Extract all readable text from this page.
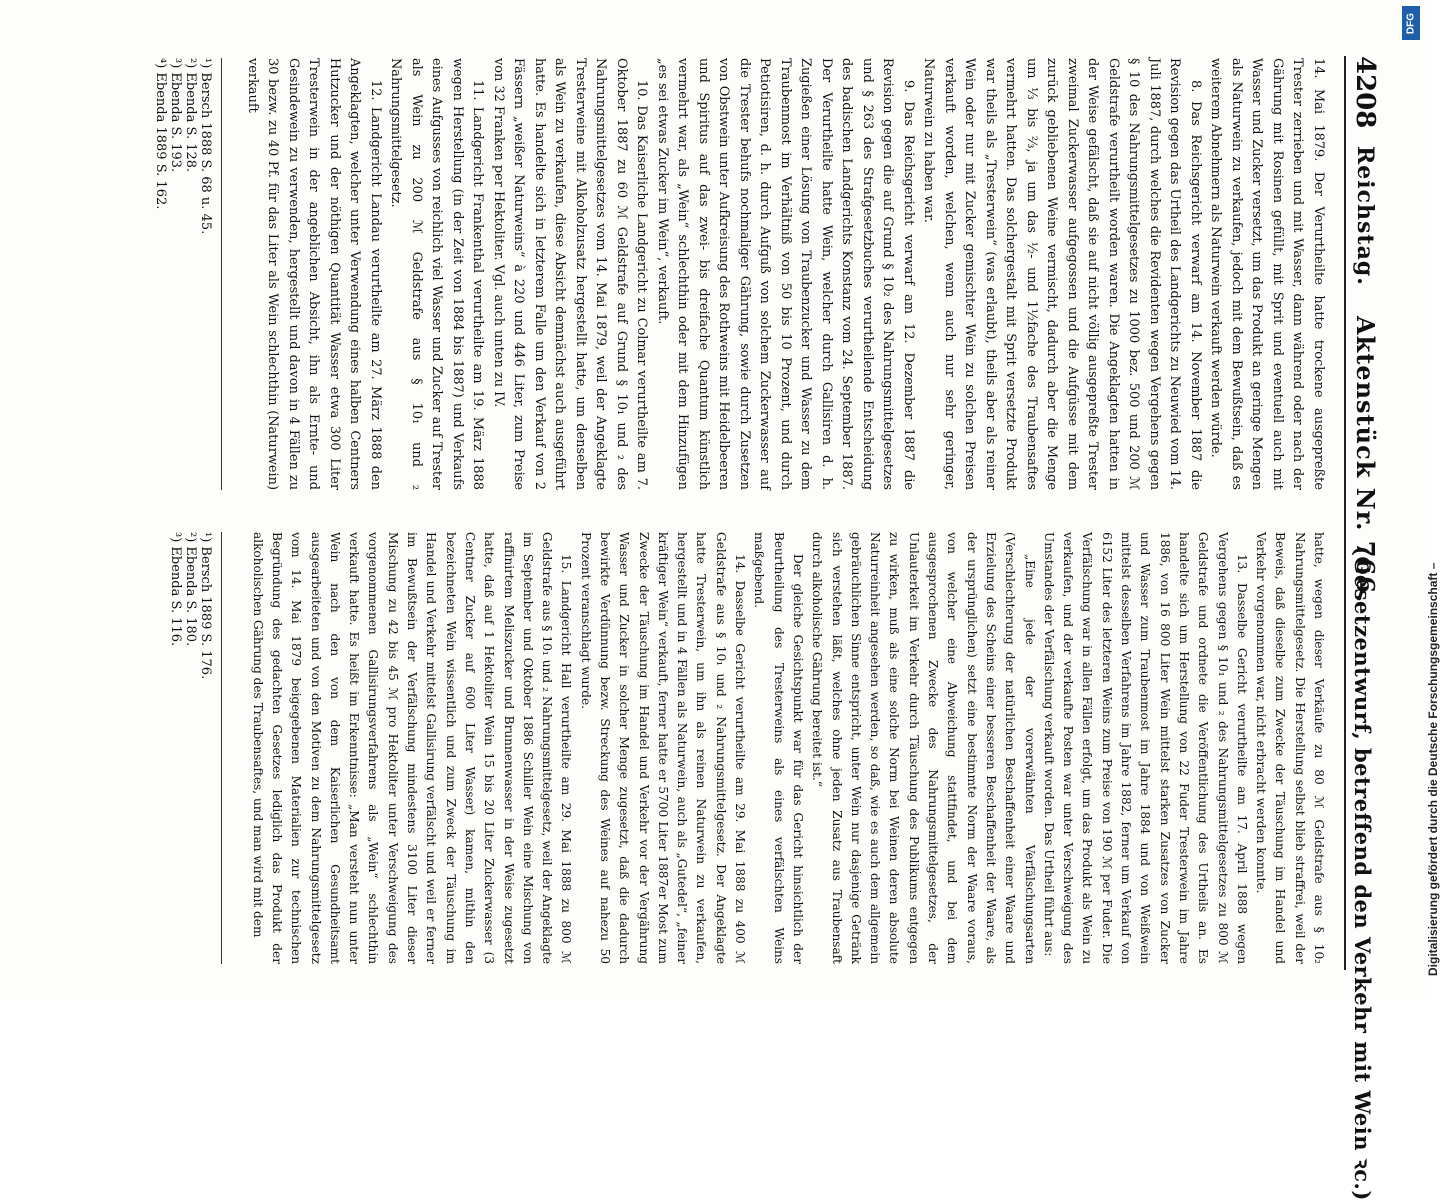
4208
Reichstag.
Aktenstück Nr. 766.
(Gesetzentwurf, betreffend den Verkehr mit Wein ꝛc.)

14. Mai 1879. Der Verurtheilte hatte trockene ausgepreßte Trester zerrieben und mit Wasser, dann während oder nach der Gährung mit Rosinen gefüllt, mit Sprit und eventuell auch mit Wasser und Zucker versetzt, um das Produkt an geringe Mengen als Naturwein zu verkaufen, jedoch mit dem Bewußtsein, daß es weiterem Abnehmern als Naturwein verkauft werden würde.

8. Das Reichsgericht verwarf am 14. November 1887 die Revision gegen das Urtheil des Landgerichts zu Neuwied vom 14. Juli 1887, durch welches die Revidenten wegen Vergehens gegen § 10 des Nahrungsmittelgesetzes zu 1000 bez. 500 und 200 ℳ Geldstrafe verurtheilt worden waren. Die Angeklagten hatten in der Weise gefälscht, daß sie auf nicht völlig ausgepreßte Trester zweimal Zuckerwasser aufgegossen und die Aufgüsse mit dem zurück gebliebenen Weine vermischt, dadurch aber die Menge um ⅓ bis ⅔, ja um das ½- und 1½fache des Traubensaftes vermehrt hatten. Das solchergestalt mit Sprit versetzte Produkt war theils als „Tresterwein“ (was erlaubt), theils aber als reiner Wein oder nur mit Zucker gemischter Wein zu solchen Preisen verkauft worden, welchen, wenn auch nur sehr geringer, Naturwein zu haben war.

9. Das Reichsgericht verwarf am 12. Dezember 1887 die Revision gegen die auf Grund § 10₂ des Nahrungsmittelgesetzes und § 263 des Strafgesetzbuches verurtheilende Entscheidung des badischen Landgerichts Konstanz vom 24. September 1887. Der Verurtheilte hatte Wein, welcher durch Gallisiren d. h. Zugießen einer Lösung von Traubenzucker und Wasser zu dem Traubenmost im Verhältniß von 50 bis 10 Prozent, und durch Petiotisiren, d. h. durch Aufguß von solchem Zuckerwasser auf die Trester behufs nochmaliger Gährung, sowie durch Zusetzen von Obstwein unter Aufkreisung des Rothweins mit Heidelbeeren und Spiritus auf das zwei- bis dreifache Quantum künstlich vermehrt war, als „Wein“ schlechthin oder mit dem Hinzufügen „es sei etwas Zucker im Wein“, verkauft.

10. Das Kaiserliche Landgericht zu Colmar verurtheilte am 7. Oktober 1887 zu 60 ℳ Geldstrafe auf Grund § 10₁ und ₂ des Nahrungsmittelgesetzes vom 14. Mai 1879, weil der Angeklagte Tresterweine mit Alkoholzusatz hergestellt hatte, um denselben als Wein zu verkaufen, diese Absicht demnächst auch ausgeführt hatte. Es handelte sich in letzterem Falle um den Verkauf von 2 Fässern „weißer Naturweins“ à 220 und 446 Liter, zum Preise von 32 Franken per Hektoliter. Vgl. auch unten zu IV.

11. Landgericht Frankenthal verurtheilte am 19. März 1888 wegen Herstellung (in der Zeit von 1884 bis 1887) und Verkaufs eines Aufgusses von reichlich viel Wasser und Zucker auf Trester als Wein zu 200 ℳ Geldstrafe aus § 10₁ und ₂ Nahrungsmittelgesetz.

12. Landgericht Landau verurtheilte am 27. März 1888 den Angeklagten, welcher unter Verwendung eines halben Centners Hutzucker und der nöthigen Quantität Wasser etwa 300 Liter Tresterwein in der angeblichen Absicht, ihn als Ernte- und Gesindewein zu verwenden, hergestellt und davon in 4 Fällen zu 30 bezw. zu 40 Pf. für das Liter als Wein schlechthin (Naturwein) verkauft

hatte, wegen dieser Verkäufe zu 80 ℳ Geldstrafe aus § 10₂ Nahrungsmittelgesetz. Die Herstellung selbst blieb straffrei, weil der Beweis, daß dieselbe zum Zwecke der Täuschung im Handel und Verkehr vorgenommen war, nicht erbracht werden konnte.

13. Dasselbe Gericht verurtheilte am 17. April 1888 wegen Vergehens gegen § 10₁ und ₂ des Nahrungsmittelgesetzes zu 800 ℳ Geldstrafe und ordnete die Veröffentlichung des Urtheils an. Es handelte sich um Herstellung von 22 Fuder Tresterwein im Jahre 1886, von 16 800 Liter Wein mittelst starken Zusatzes von Zucker und Wasser zum Traubenmost im Jahre 1884 und von Weißwein mittelst desselben Verfahrens im Jahre 1882, ferner um Verkauf von 6152 Liter des letzteren Weins zum Preise von 190 ℳ per Fuder. Die Verfälschung war in allen Fällen erfolgt, um das Produkt als Wein zu verkaufen, und der verkaufte Posten war unter Verschweigung des Umstandes der Verfälschung verkauft worden. Das Urtheil führt aus:

„Eine jede der vorerwähnten Verfälschungsarten (Verschlechterung der natürlichen Beschaffenheit einer Waare und Erzielung des Scheins einer besseren Beschaffenheit der Waare, als der ursprünglichen) setzt eine bestimmte Norm der Waare voraus, von welcher eine Abweichung stattfindet, und bei dem ausgesprochenen Zwecke des Nahrungsmittelgesetzes, der Unlauterkeit im Verkehr durch Täuschung des Publikums entgegen zu wirken, muß als eine solche Norm bei Weinen deren absolute Naturreinheit angesehen werden, so daß, wie es auch dem allgemein gebräuchlichen Sinne entspricht, unter Wein nur dasjenige Getränk sich verstehen läßt, welches ohne jeden Zusatz aus Traubensaft durch alkoholische Gährung bereitet ist.“

Der gleiche Gesichtspunkt war für das Gericht hinsichtlich der Beurtheilung des Tresterweins als eines verfälschten Weins maßgebend.

14. Dasselbe Gericht verurtheilte am 29. Mai 1888 zu 400 ℳ Geldstrafe aus § 10₁ und ₂ Nahrungsmittelgesetz. Der Angeklagte hatte Tresterwein, um ihn als reinen Naturwein zu verkaufen, hergestellt und in 4 Fällen als Naturwein, auch als „Gutedel“, „feiner kräftiger Wein“ verkauft, ferner hatte er 5700 Liter 1887er Most zum Zwecke der Täuschung im Handel und Verkehr vor der Vergährung Wasser und Zucker in solcher Menge zugesetzt, daß die dadurch bewirkte Verdünnung bezw. Streckung des Weines auf nahezu 50 Prozent veranschlagt wurde.

15. Landgericht Hall verurtheilte am 29. Mai 1888 zu 800 ℳ Geldstrafe aus § 10₁ und ₂ Nahrungsmittelgesetz, weil der Angeklagte im September und Oktober 1886 Schiller Wein eine Mischung von raffinirtem Meliszucker und Brunnenwasser in der Weise zugesetzt hatte, daß auf 1 Hektoliter Wein 15 bis 20 Liter Zuckerwasser (3 Centner Zucker auf 600 Liter Wasser) kamen, mithin den bezeichneten Wein wissentlich und zum Zweck der Täuschung im Handel und Verkehr mittelst Gallisirung verfälscht und weil er ferner im Bewußtsein der Verfälschung mindestens 3100 Liter dieser Mischung zu 42 bis 45 ℳ pro Hektoliter unter Verschweigung des vorgenommenen Gallisirungsverfahrens als „Wein“ schlechthin verkauft hatte. Es heißt im Erkenntnisse: „Man versteht nun unter Wein nach den von dem Kaiserlichen Gesundheitsamt ausgearbeiteten und von den Motiven zu dem Nahrungsmittelgesetz vom 14. Mai 1879 beigegebenen Materialien zur technischen Begründung des gedachten Gesetzes lediglich das Produkt der alkoholischen Gährung des Traubensaftes, und man wird mit dem

¹) Bersch 1888 S. 68 u. 45.
²) Ebenda S. 128.
³) Ebenda S. 193.
⁴) Ebenda 1889 S. 162.
¹) Bersch 1889 S. 176.
²) Ebenda S. 180.
³) Ebenda S. 116.	Digitalisierung gefördert durch die Deutsche Forschungsgemeinschaft –
DFG
